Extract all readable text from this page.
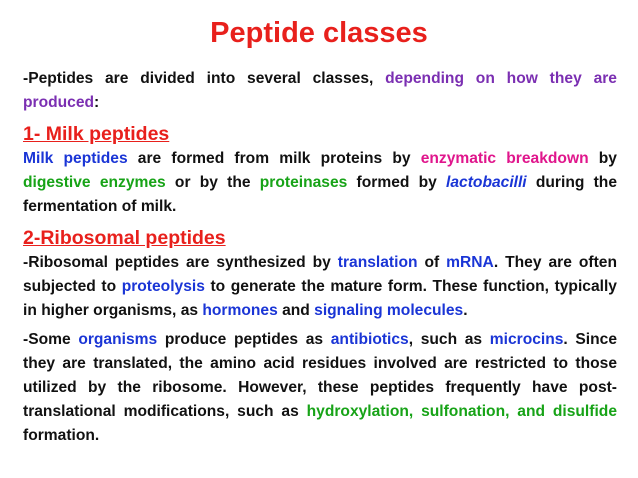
Peptide classes

-Peptides are divided into several classes, depending on how they are produced:

1- Milk peptides

Milk peptides are formed from milk proteins by enzymatic breakdown by digestive enzymes or by the proteinases formed by lactobacilli during the fermentation of milk.

2-Ribosomal peptides

-Ribosomal peptides are synthesized by translation of mRNA. They are often subjected to proteolysis to generate the mature form. These function, typically in higher organisms, as hormones and signaling molecules.

-Some organisms produce peptides as antibiotics, such as microcins. Since they are translated, the amino acid residues involved are restricted to those utilized by the ribosome. However, these peptides frequently have post-translational modifications, such as hydroxylation, sulfonation, and disulfide formation.
